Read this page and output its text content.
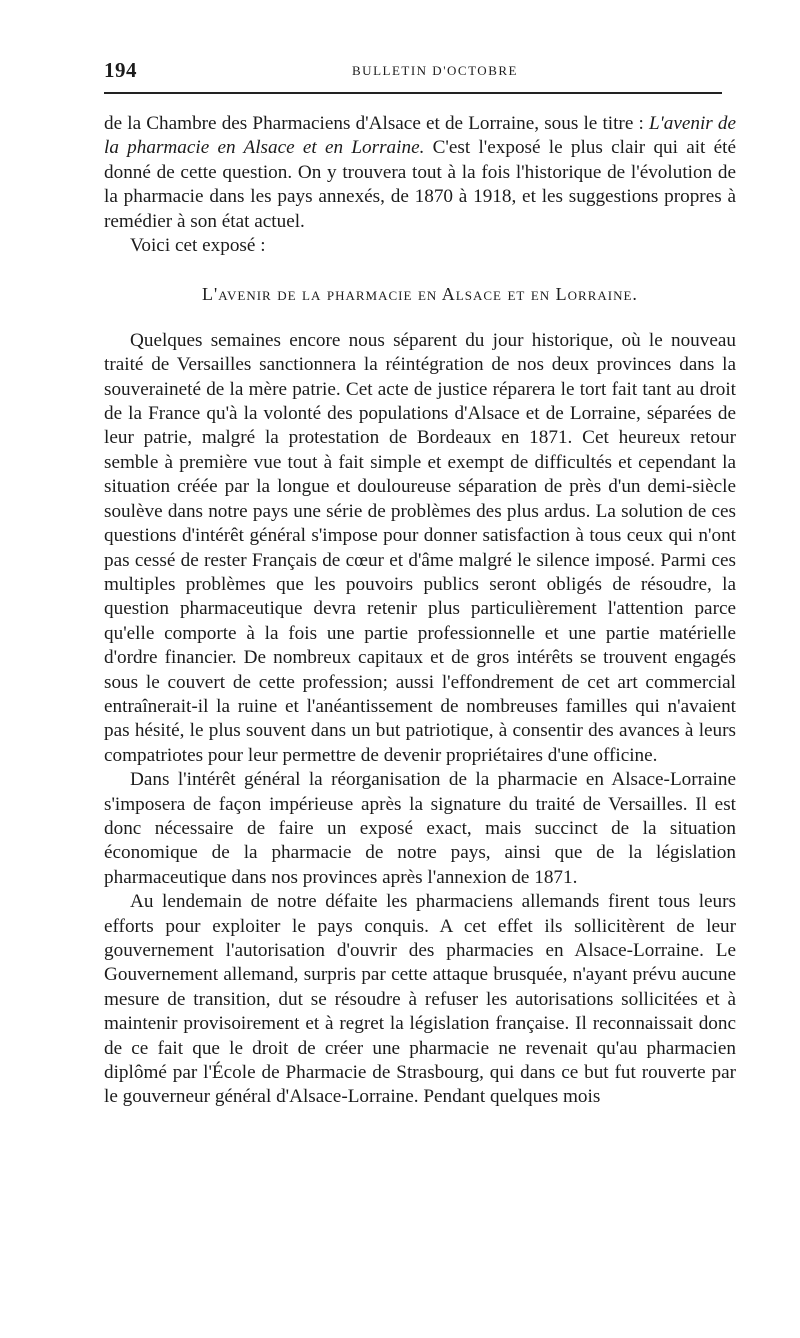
194	BULLETIN D'OCTOBRE

de la Chambre des Pharmaciens d'Alsace et de Lorraine, sous le titre : L'avenir de la pharmacie en Alsace et en Lorraine. C'est l'exposé le plus clair qui ait été donné de cette question. On y trouvera tout à la fois l'historique de l'évolution de la pharmacie dans les pays annexés, de 1870 à 1918, et les suggestions propres à remédier à son état actuel.

Voici cet exposé :

L'avenir de la pharmacie en Alsace et en Lorraine.

Quelques semaines encore nous séparent du jour historique, où le nouveau traité de Versailles sanctionnera la réintégration de nos deux provinces dans la souveraineté de la mère patrie. Cet acte de justice réparera le tort fait tant au droit de la France qu'à la volonté des populations d'Alsace et de Lorraine, séparées de leur patrie, malgré la protestation de Bordeaux en 1871. Cet heureux retour semble à première vue tout à fait simple et exempt de difficultés et cependant la situation créée par la longue et douloureuse séparation de près d'un demi-siècle soulève dans notre pays une série de problèmes des plus ardus. La solution de ces questions d'intérêt général s'impose pour donner satisfaction à tous ceux qui n'ont pas cessé de rester Français de cœur et d'âme malgré le silence imposé. Parmi ces multiples problèmes que les pouvoirs publics seront obligés de résoudre, la question pharmaceutique devra retenir plus particulièrement l'attention parce qu'elle comporte à la fois une partie professionnelle et une partie matérielle d'ordre financier. De nombreux capitaux et de gros intérêts se trouvent engagés sous le couvert de cette profession; aussi l'effondrement de cet art commercial entraînerait-il la ruine et l'anéantissement de nombreuses familles qui n'avaient pas hésité, le plus souvent dans un but patriotique, à consentir des avances à leurs compatriotes pour leur permettre de devenir propriétaires d'une officine.

Dans l'intérêt général la réorganisation de la pharmacie en Alsace-Lorraine s'imposera de façon impérieuse après la signature du traité de Versailles. Il est donc nécessaire de faire un exposé exact, mais succinct de la situation économique de la pharmacie de notre pays, ainsi que de la législation pharmaceutique dans nos provinces après l'annexion de 1871.

Au lendemain de notre défaite les pharmaciens allemands firent tous leurs efforts pour exploiter le pays conquis. A cet effet ils sollicitèrent de leur gouvernement l'autorisation d'ouvrir des pharmacies en Alsace-Lorraine. Le Gouvernement allemand, surpris par cette attaque brusquée, n'ayant prévu aucune mesure de transition, dut se résoudre à refuser les autorisations sollicitées et à maintenir provisoirement et à regret la législation française. Il reconnaissait donc de ce fait que le droit de créer une pharmacie ne revenait qu'au pharmacien diplômé par l'École de Pharmacie de Strasbourg, qui dans ce but fut rouverte par le gouverneur général d'Alsace-Lorraine. Pendant quelques mois
